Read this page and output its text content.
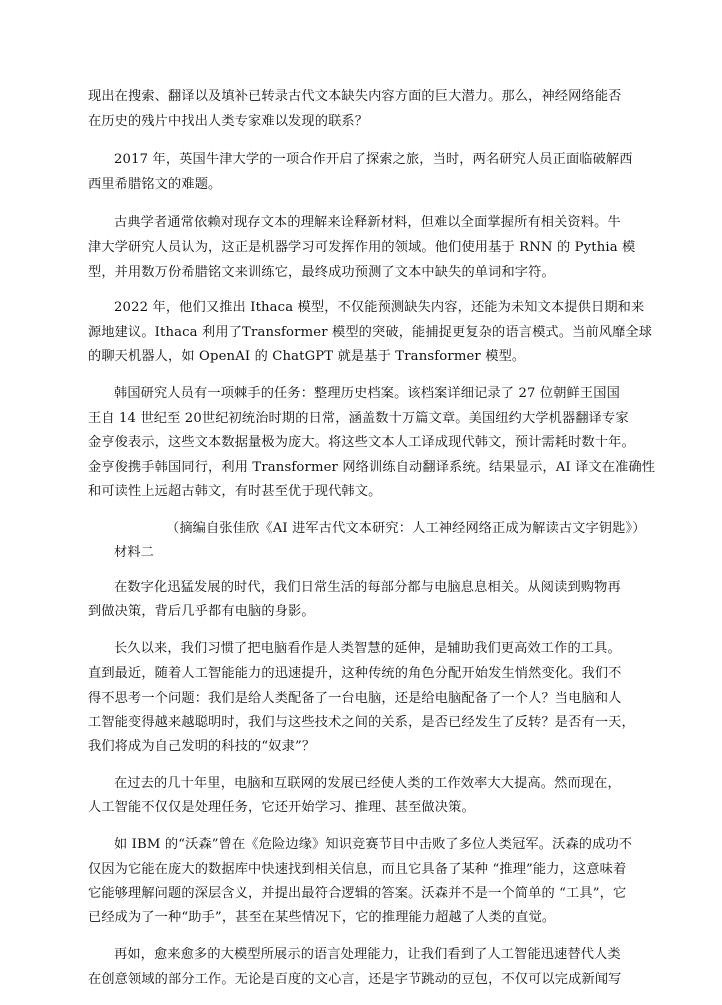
现出在搜索、翻译以及填补已转录古代文本缺失内容方面的巨大潜力。那么，神经网络能否
在历史的残片中找出人类专家难以发现的联系？
2017 年，英国牛津大学的一项合作开启了探索之旅，当时，两名研究人员正面临破解西
西里希腊铭文的难题。
古典学者通常依赖对现存文本的理解来诠释新材料，但难以全面掌握所有相关资料。牛
津大学研究人员认为，这正是机器学习可发挥作用的领域。他们使用基于 RNN 的 Pythia 模
型，并用数万份希腊铭文来训练它，最终成功预测了文本中缺失的单词和字符。
2022 年，他们又推出 Ithaca 模型，不仅能预测缺失内容，还能为未知文本提供日期和来
源地建议。Ithaca 利用了Transformer 模型的突破，能捕捉更复杂的语言模式。当前风靡全球
的聊天机器人，如 OpenAI 的 ChatGPT 就是基于 Transformer 模型。
韩国研究人员有一项棘手的任务：整理历史档案。该档案详细记录了 27 位朝鲜王国国
王自 14 世纪至 20世纪初统治时期的日常，涵盖数十万篇文章。美国纽约大学机器翻译专家
金亨俊表示，这些文本数据量极为庞大。将这些文本人工译成现代韩文，预计需耗时数十年。
金亨俊携手韩国同行，利用 Transformer 网络训练自动翻译系统。结果显示，AI 译文在准确性
和可读性上远超古韩文，有时甚至优于现代韩文。
（摘编自张佳欣《AI 进军古代文本研究：人工神经网络正成为解读古文字钥匙》）
材料二
在数字化迅猛发展的时代，我们日常生活的每部分都与电脑息息相关。从阅读到购物再
到做决策，背后几乎都有电脑的身影。
长久以来，我们习惯了把电脑看作是人类智慧的延伸，是辅助我们更高效工作的工具。
直到最近，随着人工智能能力的迅速提升，这种传统的角色分配开始发生悄然变化。我们不
得不思考一个问题：我们是给人类配备了一台电脑，还是给电脑配备了一个人？当电脑和人
工智能变得越来越聪明时，我们与这些技术之间的关系，是否已经发生了反转？是否有一天，
我们将成为自己发明的科技的“奴隶”？
在过去的几十年里，电脑和互联网的发展已经使人类的工作效率大大提高。然而现在，
人工智能不仅仅是处理任务，它还开始学习、推理、甚至做决策。
如 IBM 的“沃森”曾在《危险边缘》知识竞赛节目中击败了多位人类冠军。沃森的成功不
仅因为它能在庞大的数据库中快速找到相关信息，而且它具备了某种 “推理”能力，这意味着
它能够理解问题的深层含义，并提出最符合逻辑的答案。沃森并不是一个简单的 “工具”，它
已经成为了一种“助手”，甚至在某些情况下，它的推理能力超越了人类的直觉。
再如，愈来愈多的大模型所展示的语言处理能力，让我们看到了人工智能迅速替代人类
在创意领域的部分工作。无论是百度的文心言，还是字节跳动的豆包，不仅可以完成新闻写
